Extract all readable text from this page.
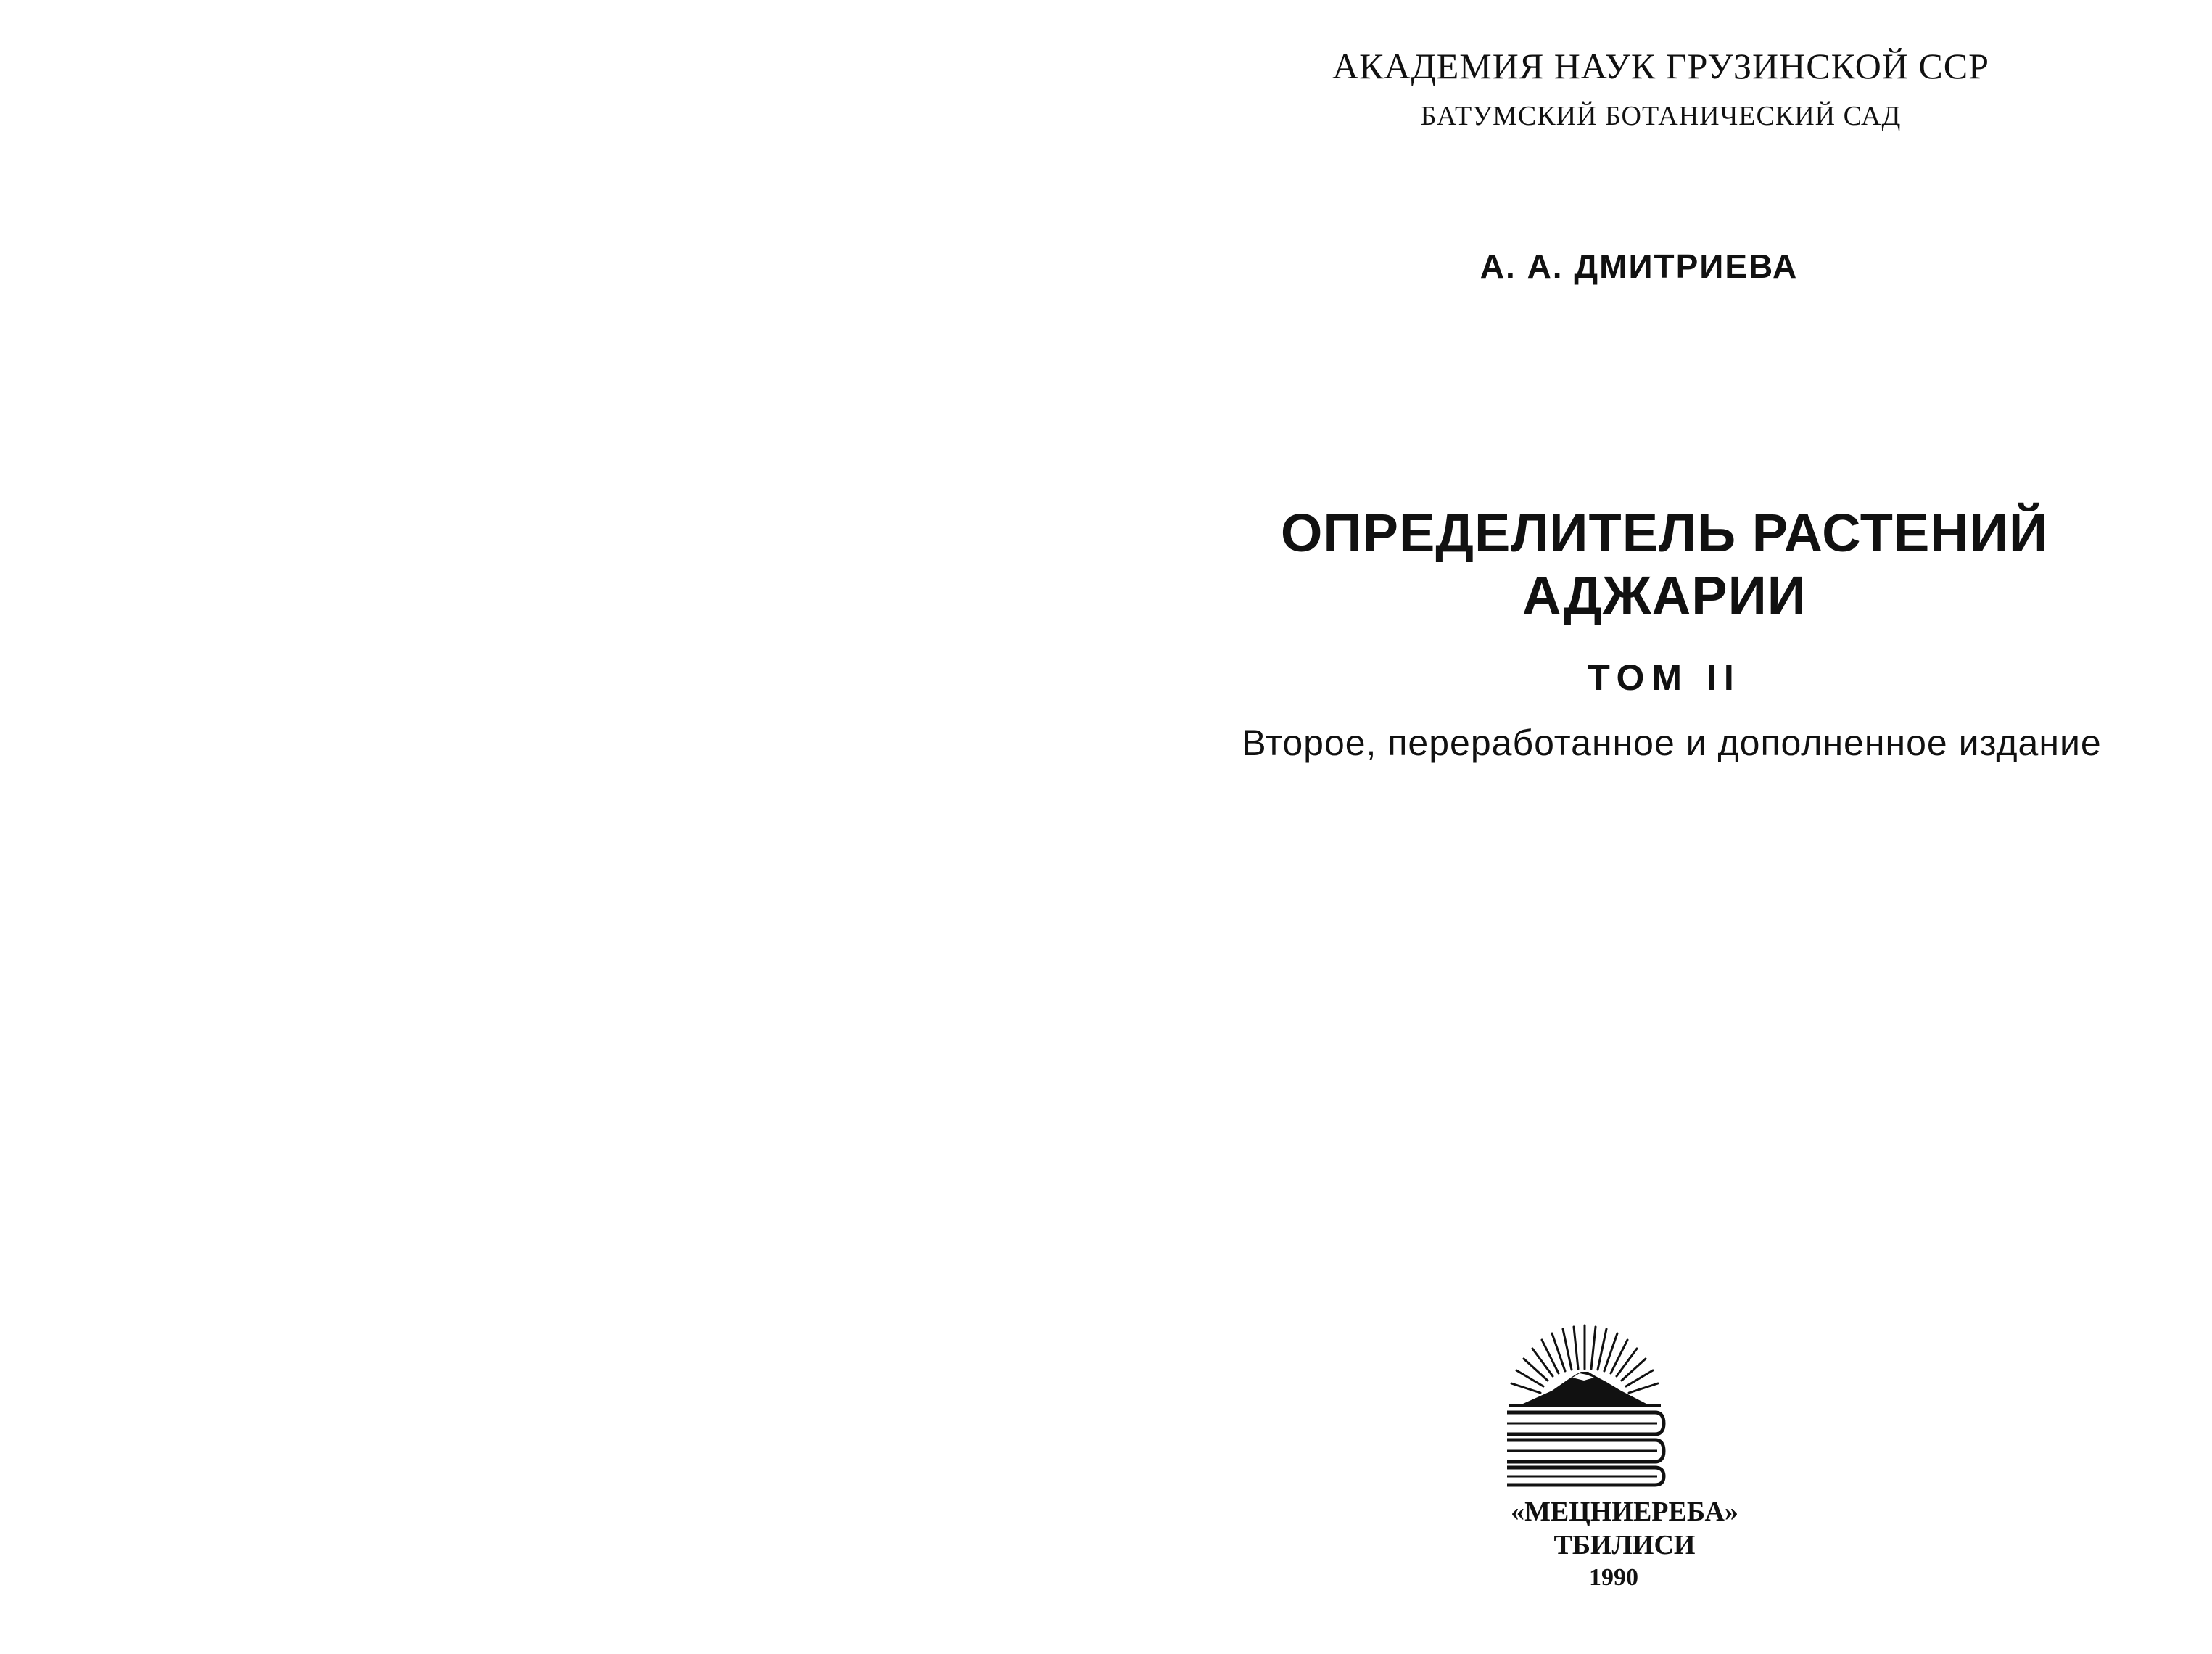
АКАДЕМИЯ НАУК ГРУЗИНСКОЙ ССР
БАТУМСКИЙ БОТАНИЧЕСКИЙ САД
А. А. ДМИТРИЕВА
ОПРЕДЕЛИТЕЛЬ РАСТЕНИЙ
АДЖАРИИ
ТОМ II
Второе, переработанное и дополненное издание
«МЕЦНИЕРЕБА»
ТБИЛИСИ
1990
